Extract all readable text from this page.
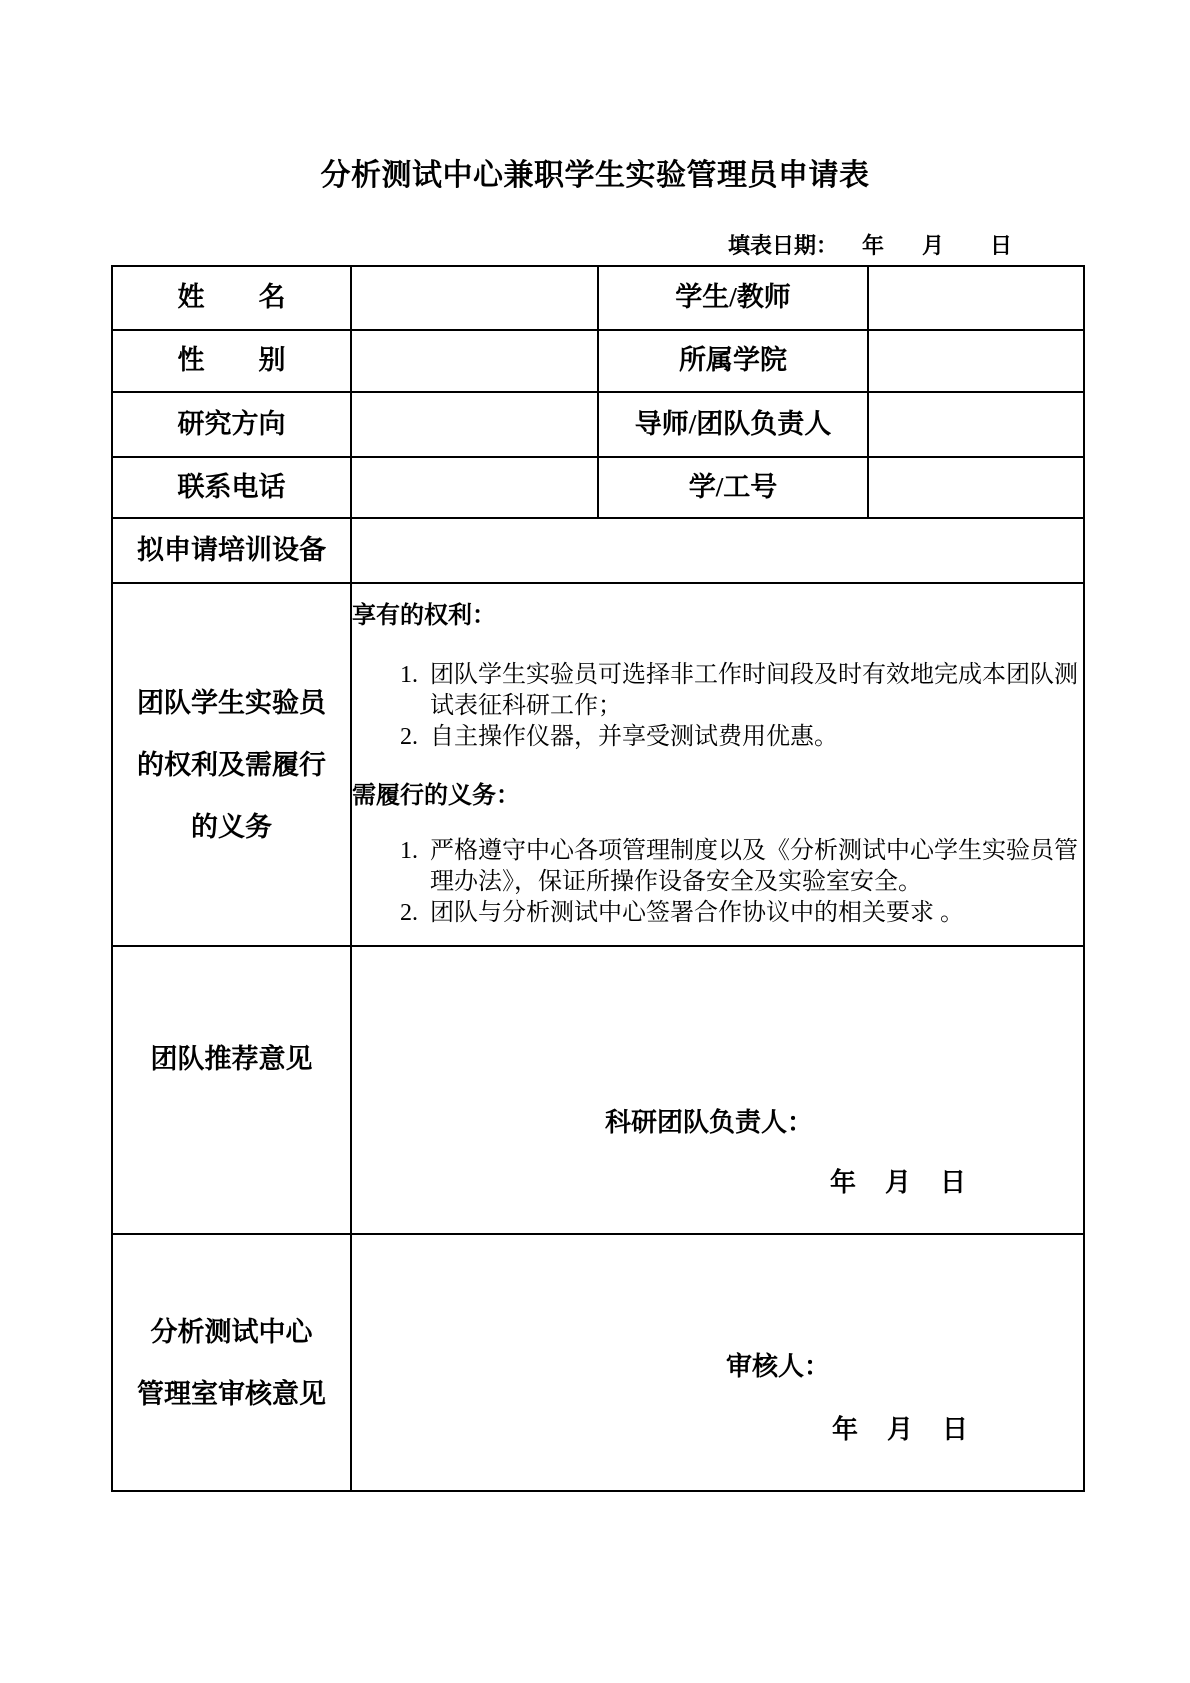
分析测试中心兼职学生实验管理员申请表
填表日期： 年 月 日
姓　　名		学生/教师	
性　　别		所属学院	
研究方向		导师/团队负责人	
联系电话		学/工号	
拟申请培训设备			

团队学生实验员
的权利及需履行
的义务

享有的权利：

1. 团队学生实验员可选择非工作时间段及时有效地完成本团队测试表征科研工作；
2. 自主操作仪器，并享受测试费用优惠。

需履行的义务：

1. 严格遵守中心各项管理制度以及《分析测试中心学生实验员管理办法》，保证所操作设备安全及实验室安全。
2. 团队与分析测试中心签署合作协议中的相关要求 。

团队推荐意见	科研团队负责人：
年 月 日		

分析测试中心
管理室审核意见

审核人：
年 月 日
